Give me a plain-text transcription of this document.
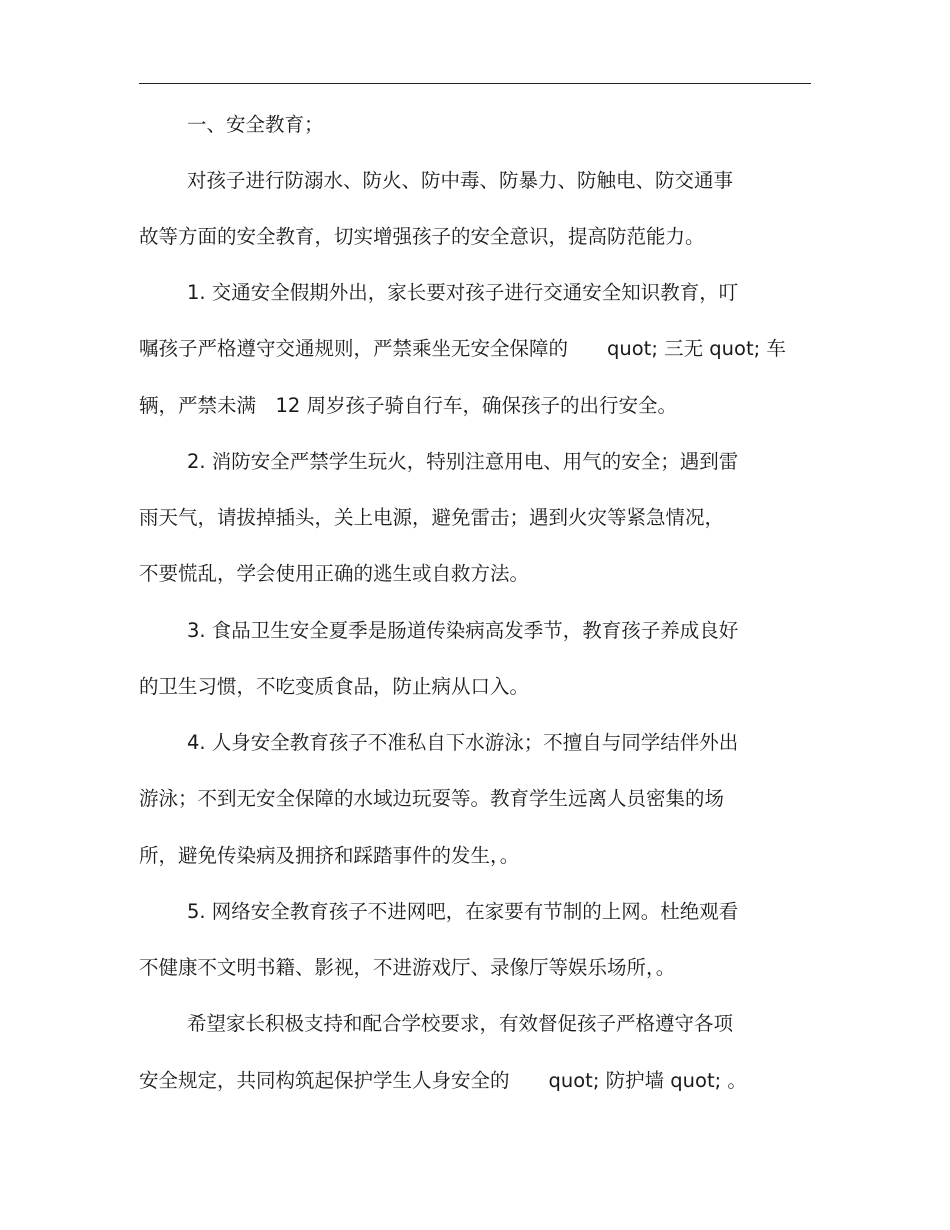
一、安全教育；
对孩子进行防溺水、防火、防中毒、防暴力、防触电、防交通事
故等方面的安全教育，切实增强孩子的安全意识，提高防范能力。
1. 交通安全假期外出，家长要对孩子进行交通安全知识教育，叮
嘱孩子严格遵守交通规则，严禁乘坐无安全保障的　　quot; 三无 quot; 车
辆，严禁未满　12 周岁孩子骑自行车，确保孩子的出行安全。
2. 消防安全严禁学生玩火，特别注意用电、用气的安全；遇到雷
雨天气，请拔掉插头，关上电源，避免雷击；遇到火灾等紧急情况，
不要慌乱，学会使用正确的逃生或自救方法。
3. 食品卫生安全夏季是肠道传染病高发季节，教育孩子养成良好
的卫生习惯，不吃变质食品，防止病从口入。
4. 人身安全教育孩子不准私自下水游泳；不擅自与同学结伴外出
游泳；不到无安全保障的水域边玩耍等。教育学生远离人员密集的场
所，避免传染病及拥挤和踩踏事件的发生，。
5. 网络安全教育孩子不进网吧，在家要有节制的上网。杜绝观看
不健康不文明书籍、影视，不进游戏厅、录像厅等娱乐场所，。
希望家长积极支持和配合学校要求，有效督促孩子严格遵守各项
安全规定，共同构筑起保护学生人身安全的　　quot; 防护墙 quot; 。
